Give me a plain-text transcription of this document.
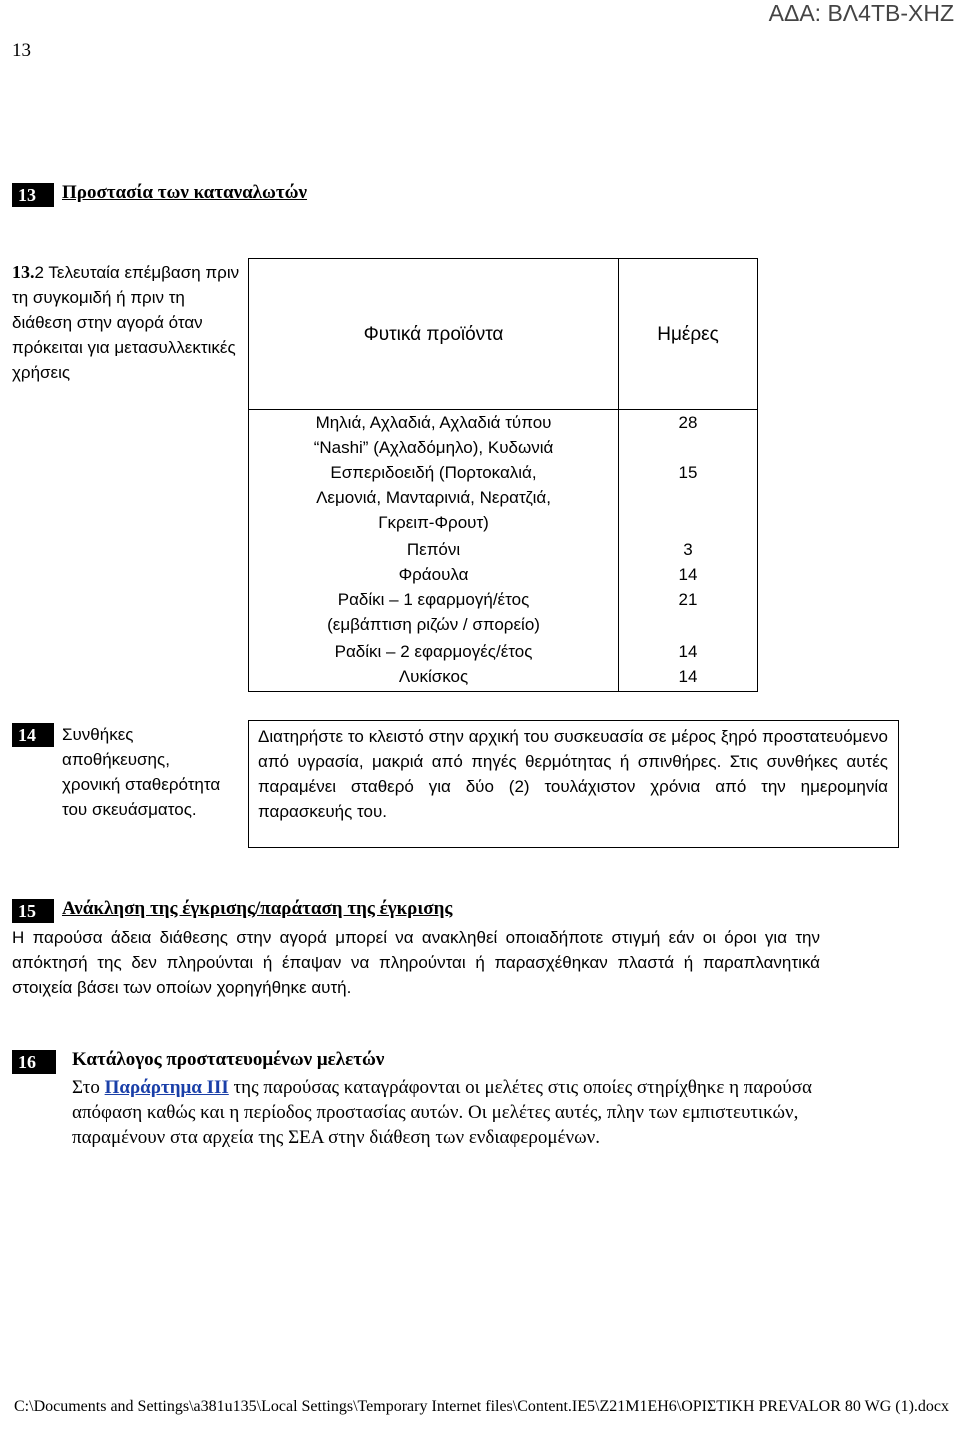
13
ΑΔΑ: ΒΛ4ΤΒ-ΧΗΖ
13	Προστασία των καταναλωτών
13.2 Τελευταία επέμβαση πριν τη συγκομιδή ή πριν τη διάθεση στην αγορά όταν πρόκειται για μετασυλλεκτικές χρήσεις
Φυτικά προϊόντα	Ημέρες
Μηλιά, Αχλαδιά, Αχλαδιά τύπου “Nashi” (Αχλαδόμηλο), Κυδωνιά	28
Εσπεριδοειδή (Πορτοκαλιά, Λεμονιά, Μανταρινιά, Νερατζιά, Γκρειπ-Φρουτ)	15
Πεπόνι	3
Φράουλα	14
Ραδίκι – 1 εφαρμογή/έτος (εμβάπτιση ριζών / σπορείο)	21
Ραδίκι – 2 εφαρμογές/έτος	14
Λυκίσκος	14
14	Συνθήκες αποθήκευσης, χρονική σταθερότητα του σκευάσματος.
Διατηρήστε το κλειστό στην αρχική του συσκευασία σε μέρος ξηρό προστατευόμενο από υγρασία, μακριά από πηγές θερμότητας ή σπινθήρες. Στις συνθήκες αυτές παραμένει σταθερό για δύο (2) τουλάχιστον χρόνια από την ημερομηνία παρασκευής του.
15	Ανάκληση της έγκρισης/παράταση της έγκρισης
Η παρούσα άδεια διάθεσης στην αγορά μπορεί να ανακληθεί οποιαδήποτε στιγμή εάν οι όροι για την απόκτησή της δεν πληρούνται ή έπαψαν να πληρούνται ή παρασχέθηκαν πλαστά ή παραπλανητικά στοιχεία βάσει των οποίων χορηγήθηκε αυτή.
16	Κατάλογος προστατευομένων μελετών
Στο Παράρτημα ΙΙΙ της παρούσας καταγράφονται οι μελέτες στις οποίες στηρίχθηκε η παρούσα απόφαση καθώς και η περίοδος προστασίας αυτών. Οι μελέτες αυτές, πλην των εμπιστευτικών, παραμένουν στα αρχεία της ΣΕΑ στην διάθεση των ενδιαφερομένων.
C:\Documents and Settings\a381u135\Local Settings\Temporary Internet files\Content.IE5\Z21M1EH6\ΟΡΙΣΤΙΚΗ PREVALOR 80 WG (1).docx
